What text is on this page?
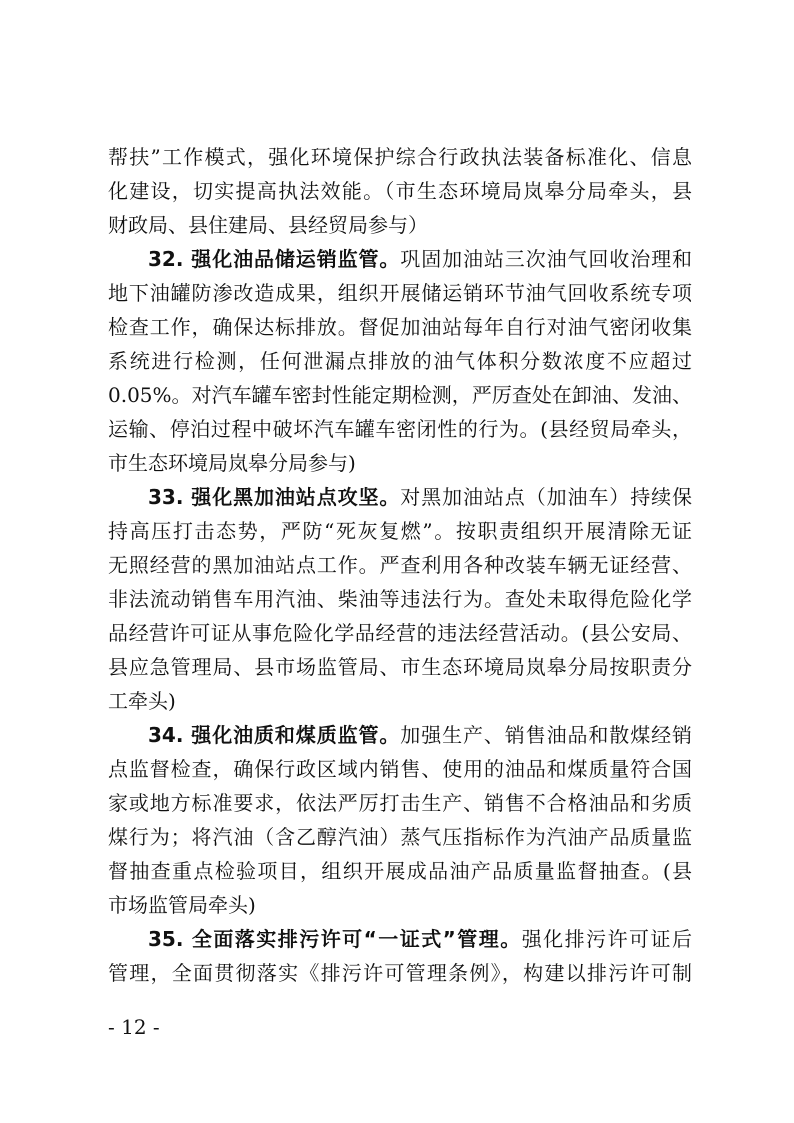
帮扶”工作模式，强化环境保护综合行政执法装备标准化、信息
化建设，切实提高执法效能。（市生态环境局岚皋分局牵头，县
财政局、县住建局、县经贸局参与）
32. 强化油品储运销监管。巩固加油站三次油气回收治理和
地下油罐防渗改造成果，组织开展储运销环节油气回收系统专项
检查工作，确保达标排放。督促加油站每年自行对油气密闭收集
系统进行检测，任何泄漏点排放的油气体积分数浓度不应超过
0.05%。对汽车罐车密封性能定期检测，严厉查处在卸油、发油、
运输、停泊过程中破坏汽车罐车密闭性的行为。(县经贸局牵头，
市生态环境局岚皋分局参与)
33. 强化黑加油站点攻坚。对黑加油站点（加油车）持续保
持高压打击态势，严防“死灰复燃”。按职责组织开展清除无证
无照经营的黑加油站点工作。严查利用各种改装车辆无证经营、
非法流动销售车用汽油、柴油等违法行为。查处未取得危险化学
品经营许可证从事危险化学品经营的违法经营活动。(县公安局、
县应急管理局、县市场监管局、市生态环境局岚皋分局按职责分
工牵头)
34. 强化油质和煤质监管。加强生产、销售油品和散煤经销
点监督检查，确保行政区域内销售、使用的油品和煤质量符合国
家或地方标准要求，依法严厉打击生产、销售不合格油品和劣质
煤行为；将汽油（含乙醇汽油）蒸气压指标作为汽油产品质量监
督抽查重点检验项目，组织开展成品油产品质量监督抽查。(县
市场监管局牵头)
35. 全面落实排污许可“一证式”管理。强化排污许可证后
管理，全面贯彻落实《排污许可管理条例》，构建以排污许可制
- 12 -
